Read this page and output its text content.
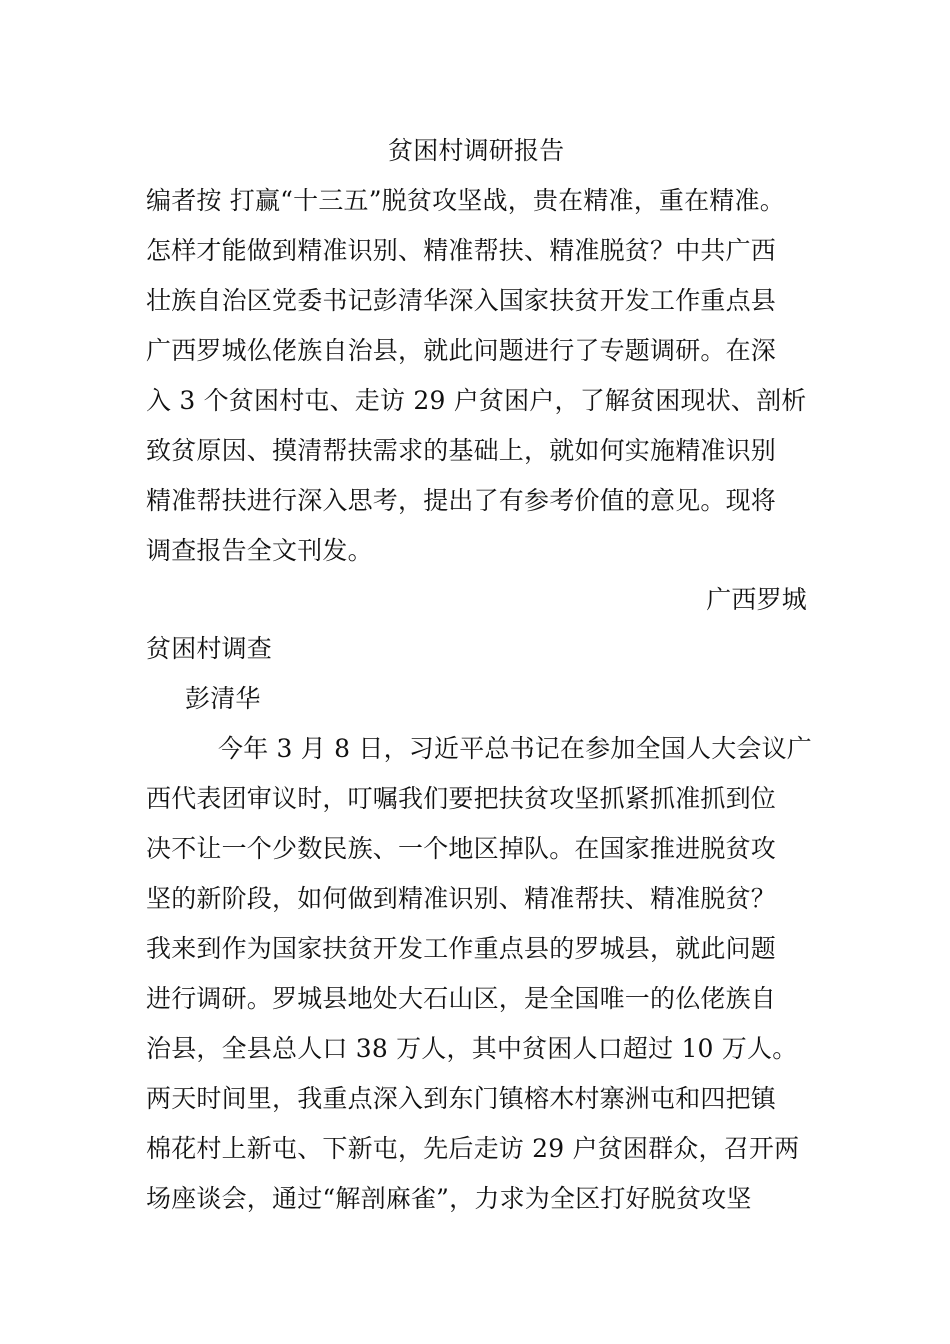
贫困村调研报告
编者按 打赢“十三五”脱贫攻坚战，贵在精准，重在精准。
怎样才能做到精准识别、精准帮扶、精准脱贫？中共广西
壮族自治区党委书记彭清华深入国家扶贫开发工作重点县
广西罗城仫佬族自治县，就此问题进行了专题调研。在深
入 3 个贫困村屯、走访 29 户贫困户，了解贫困现状、剖析
致贫原因、摸清帮扶需求的基础上，就如何实施精准识别
精准帮扶进行深入思考，提出了有参考价值的意见。现将
调查报告全文刊发。
广西罗城
贫困村调查
彭清华
今年 3 月 8 日，习近平总书记在参加全国人大会议广
西代表团审议时，叮嘱我们要把扶贫攻坚抓紧抓准抓到位
决不让一个少数民族、一个地区掉队。在国家推进脱贫攻
坚的新阶段，如何做到精准识别、精准帮扶、精准脱贫？
我来到作为国家扶贫开发工作重点县的罗城县，就此问题
进行调研。罗城县地处大石山区，是全国唯一的仫佬族自
治县，全县总人口 38 万人，其中贫困人口超过 10 万人。
两天时间里，我重点深入到东门镇榕木村寨洲屯和四把镇
棉花村上新屯、下新屯，先后走访 29 户贫困群众，召开两
场座谈会，通过“解剖麻雀”，力求为全区打好脱贫攻坚
